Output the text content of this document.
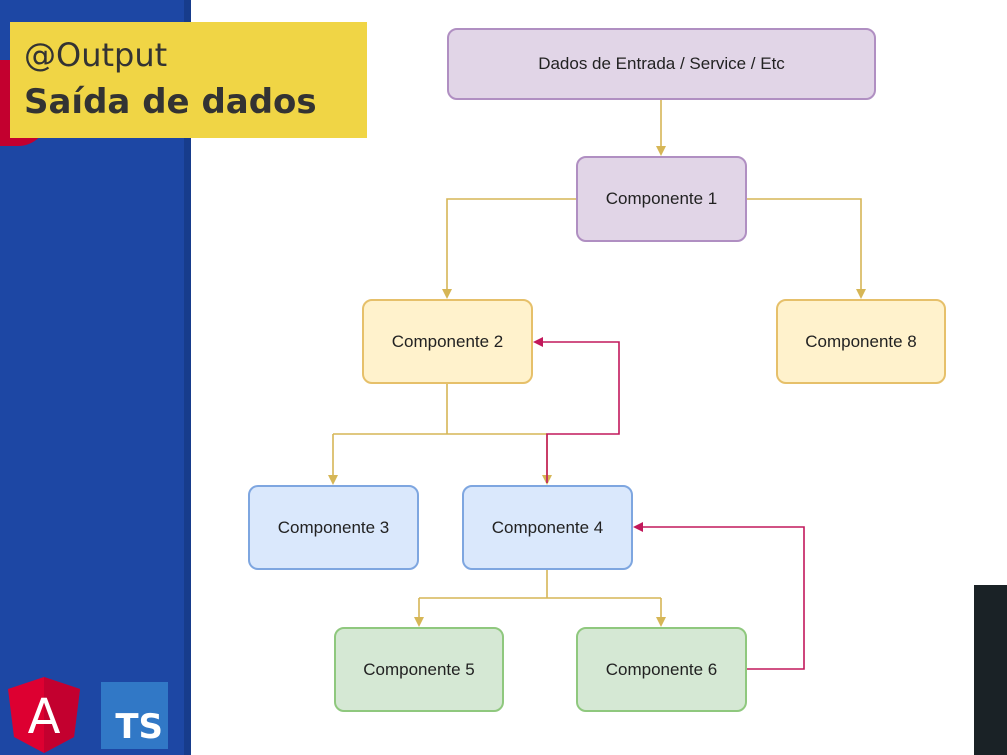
@Output
Saída de dados
A TS
Dados de Entrada / Service / Etc
Componente 1
Componente 2	Componente 8
Componente 3	Componente 4
Componente 5	Componente 6
